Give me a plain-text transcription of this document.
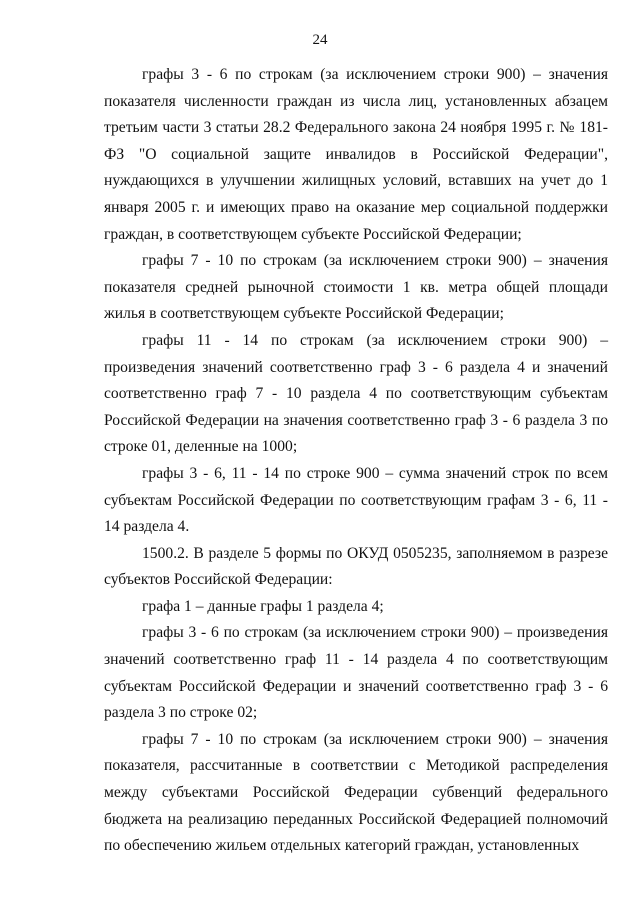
24

графы 3 - 6 по строкам (за исключением строки 900) – значения показателя численности граждан из числа лиц, установленных абзацем третьим части 3 статьи 28.2 Федерального закона 24 ноября 1995 г. № 181-ФЗ "О социальной защите инвалидов в Российской Федерации", нуждающихся в улучшении жилищных условий, вставших на учет до 1 января 2005 г. и имеющих право на оказание мер социальной поддержки граждан, в соответствующем субъекте Российской Федерации;

графы 7 - 10 по строкам (за исключением строки 900) – значения показателя средней рыночной стоимости 1 кв. метра общей площади жилья в соответствующем субъекте Российской Федерации;

графы 11 - 14 по строкам (за исключением строки 900) – произведения значений соответственно граф 3 - 6 раздела 4 и значений соответственно граф 7 - 10 раздела 4 по соответствующим субъектам Российской Федерации на значения соответственно граф 3 - 6 раздела 3 по строке 01, деленные на 1000;

графы 3 - 6, 11 - 14 по строке 900 – сумма значений строк по всем субъектам Российской Федерации по соответствующим графам 3 - 6, 11 - 14 раздела 4.

1500.2. В разделе 5 формы по ОКУД 0505235, заполняемом в разрезе субъектов Российской Федерации:

графа 1 – данные графы 1 раздела 4;

графы 3 - 6 по строкам (за исключением строки 900) – произведения значений соответственно граф 11 - 14 раздела 4 по соответствующим субъектам Российской Федерации и значений соответственно граф 3 - 6 раздела 3 по строке 02;

графы 7 - 10 по строкам (за исключением строки 900) – значения показателя, рассчитанные в соответствии с Методикой распределения между субъектами Российской Федерации субвенций федерального бюджета на реализацию переданных Российской Федерацией полномочий по обеспечению жильем отдельных категорий граждан, установленных
